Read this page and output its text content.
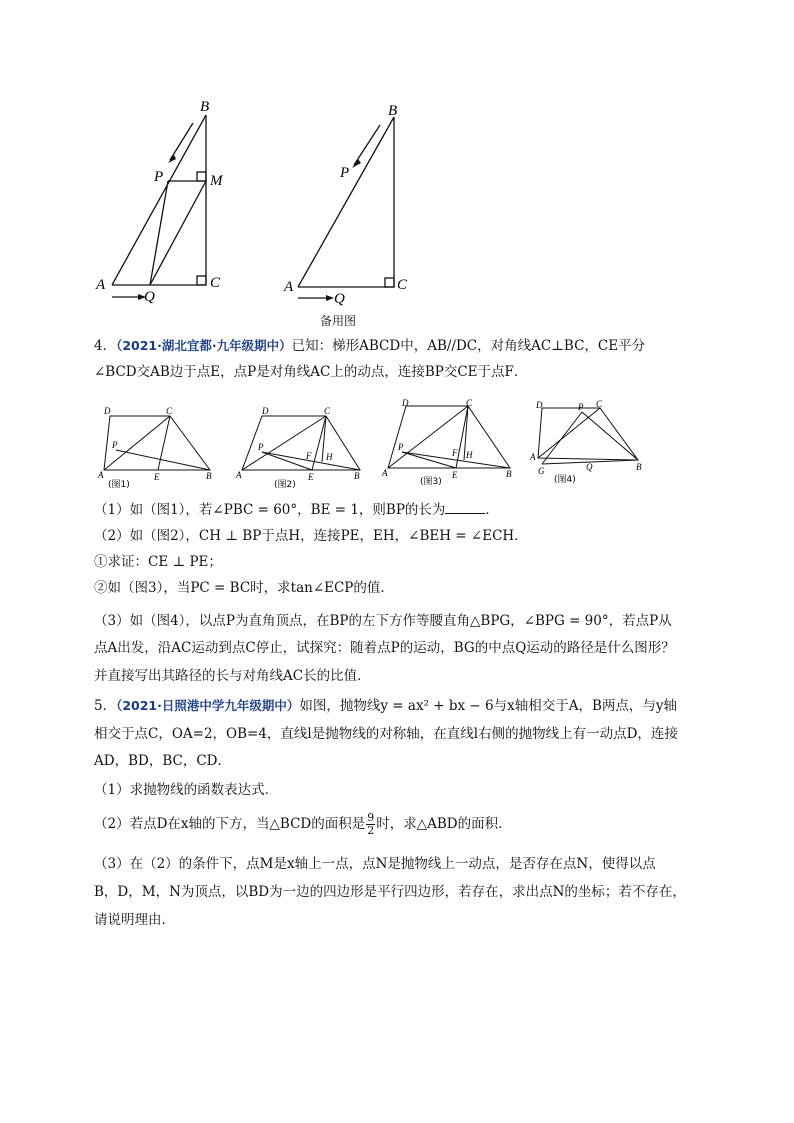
B
P	M
A
Q
C
B
P
A
Q
C
备用图
4．（2021·湖北宜都·九年级期中）已知：梯形ABCD中，AB//DC，对角线AC⊥BC，CE平分
∠BCD交AB边于点E，点P是对角线AC上的动点，连接BP交CE于点F．
D	C
P
A	E	B
(图1)
D	C
P
F H
A	E	B
(图2)
D	C
P
F H
A	E	B
(图3)
D	P C
A
G	Q	B
(图4)
（1）如（图1），若∠PBC = 60°，BE = 1，则BP的长为	．
（2）如（图2），CH ⊥ BP于点H，连接PE，EH，∠BEH = ∠ECH．
①求证：CE ⊥ PE；
②如（图3），当PC = BC时，求tan∠ECP的值．
（3）如（图4），以点P为直角顶点，在BP的左下方作等腰直角△BPG，∠BPG = 90°，若点P从
点A出发，沿AC运动到点C停止，试探究：随着点P的运动，BG的中点Q运动的路径是什么图形？
并直接写出其路径的长与对角线AC长的比值．
5．（2021·日照港中学九年级期中）如图，抛物线y = ax² + bx − 6与x轴相交于A，B两点，与y轴
相交于点C，OA=2，OB=4，直线l是抛物线的对称轴，在直线l右侧的抛物线上有一动点D，连接
AD，BD，BC，CD．
（1）求抛物线的函数表达式．
（2）若点D在x轴的下方，当△BCD的面积是 $\frac{9}{2}$ 时，求△ABD的面积．
（3）在（2）的条件下，点M是x轴上一点，点N是抛物线上一动点，是否存在点N，使得以点
B，D，M，N为顶点，以BD为一边的四边形是平行四边形，若存在，求出点N的坐标；若不存在，
请说明理由．
